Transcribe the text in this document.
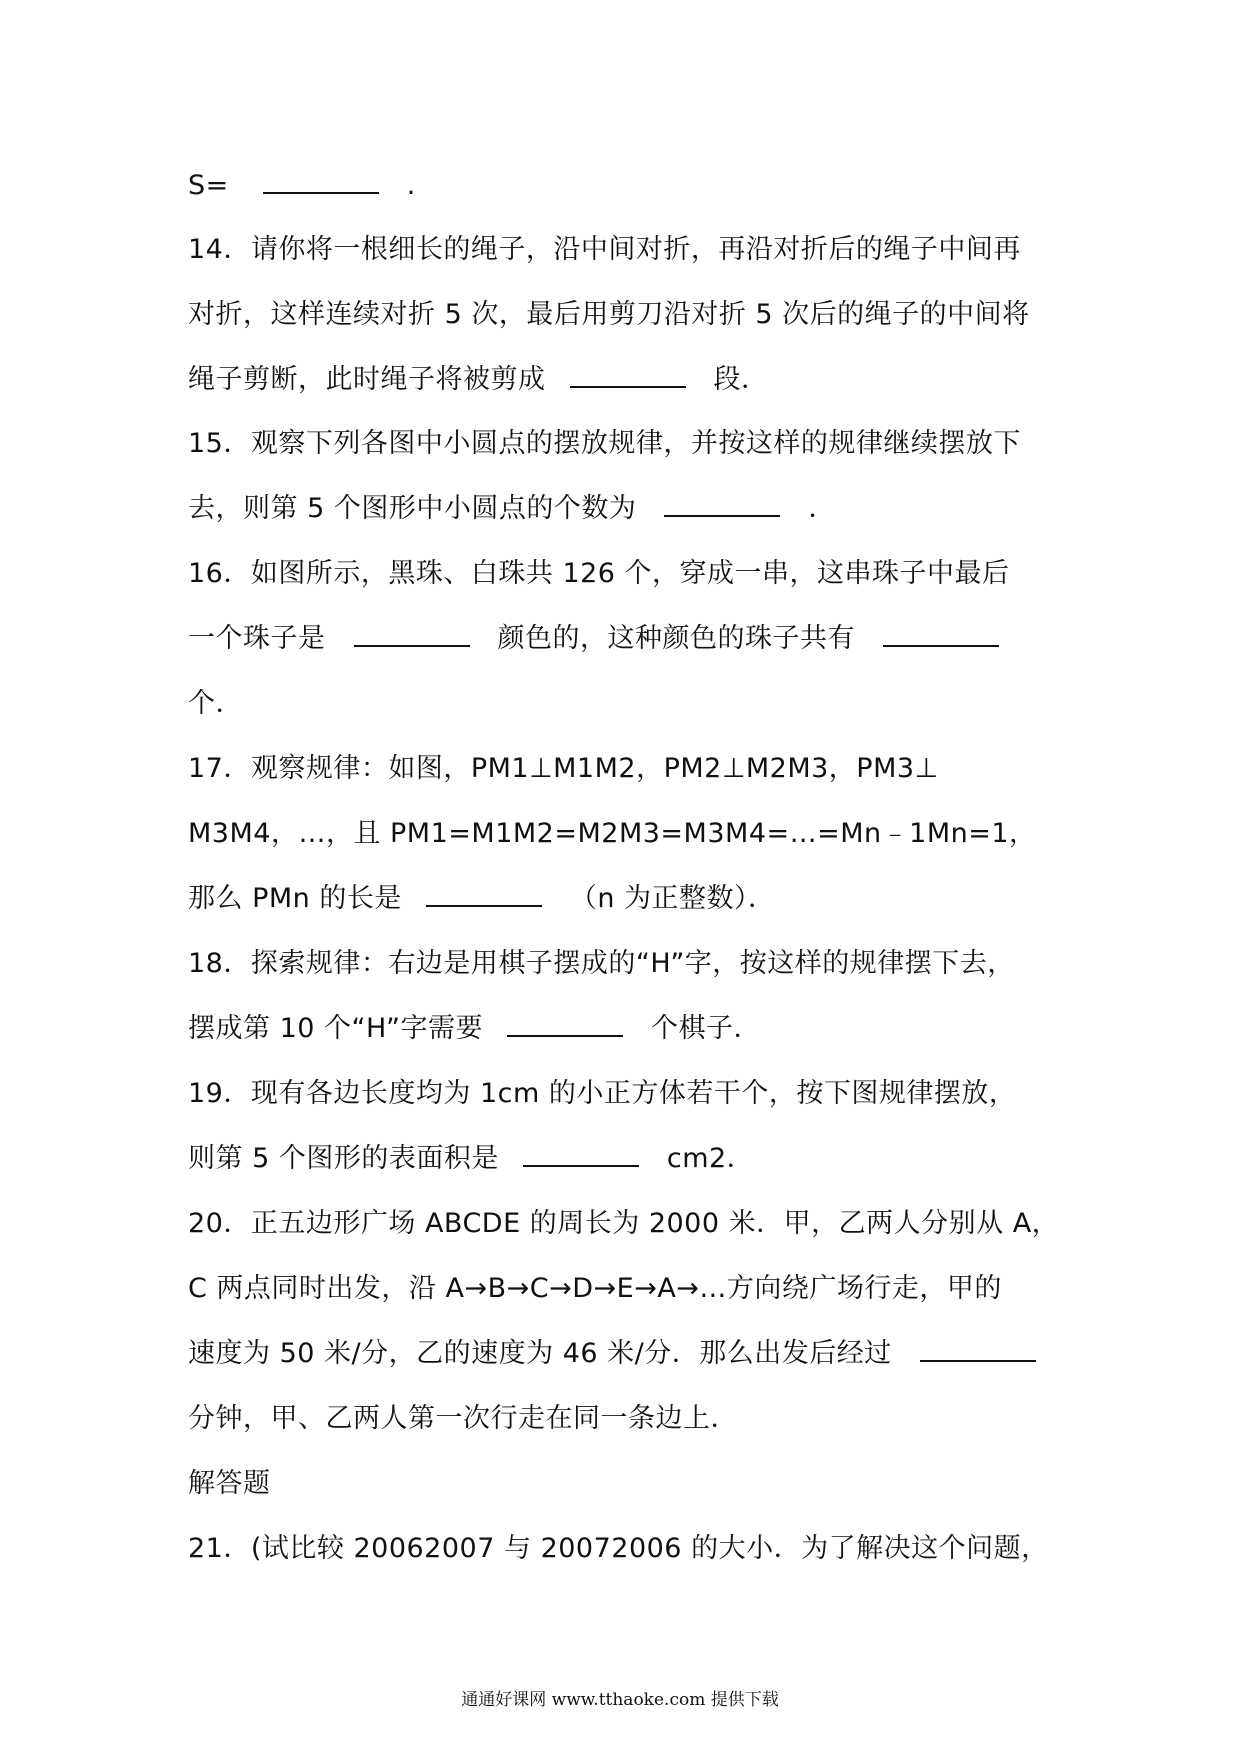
S=	.
14．请你将一根细长的绳子，沿中间对折，再沿对折后的绳子中间再
对折，这样连续对折 5 次，最后用剪刀沿对折 5 次后的绳子的中间将
绳子剪断，此时绳子将被剪成	段．
15．观察下列各图中小圆点的摆放规律，并按这样的规律继续摆放下
去，则第 5 个图形中小圆点的个数为	．
16．如图所示，黑珠、白珠共 126 个，穿成一串，这串珠子中最后
一个珠子是	颜色的，这种颜色的珠子共有
个．
17．观察规律：如图，PM1⊥M1M2，PM2⊥M2M3，PM3⊥
M3M4，…，且 PM1=M1M2=M2M3=M3M4=…=Mn﹣1Mn=1，
那么 PMn 的长是	（n 为正整数）．
18．探索规律：右边是用棋子摆成的“H”字，按这样的规律摆下去，
摆成第 10 个“H”字需要	个棋子．
19．现有各边长度均为 1cm 的小正方体若干个，按下图规律摆放，
则第 5 个图形的表面积是	cm2．
20．正五边形广场 ABCDE 的周长为 2000 米．甲，乙两人分别从 A，
C 两点同时出发，沿 A→B→C→D→E→A→…方向绕广场行走，甲的
速度为 50 米/分，乙的速度为 46 米/分．那么出发后经过
分钟，甲、乙两人第一次行走在同一条边上．
解答题
21．(试比较 20062007 与 20072006 的大小．为了解决这个问题，
通通好课网 www.tthaoke.com 提供下载
